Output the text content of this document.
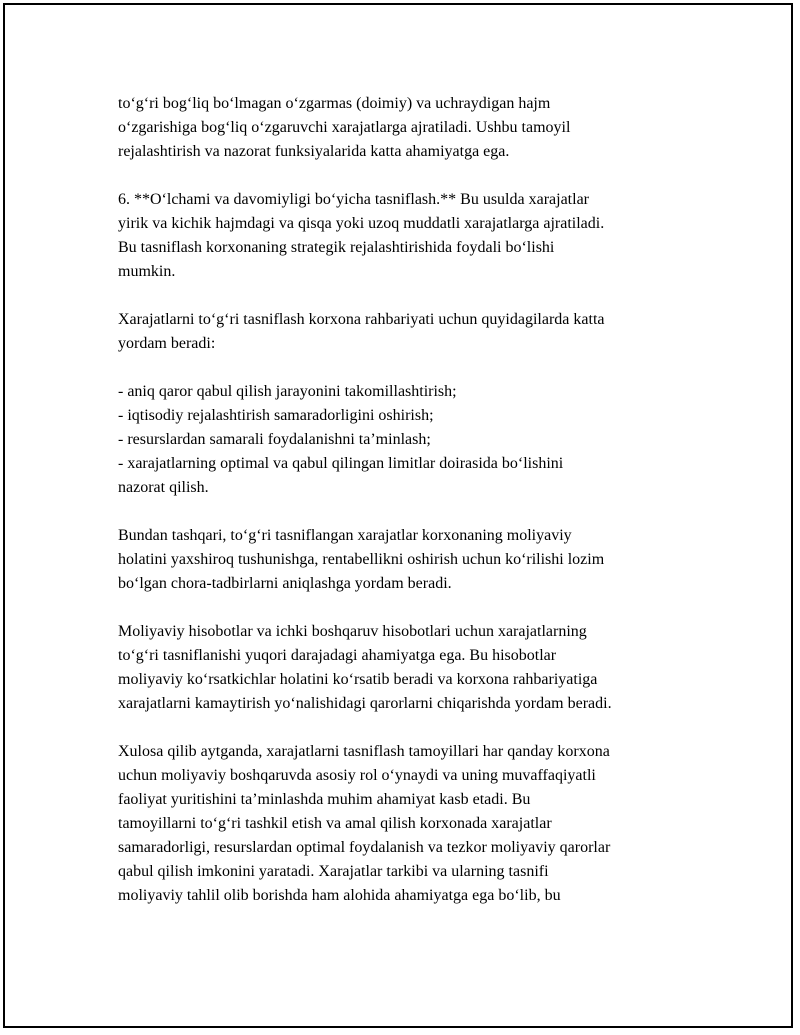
to‘g‘ri bog‘liq bo‘lmagan o‘zgarmas (doimiy) va uchraydigan hajm
o‘zgarishiga bog‘liq o‘zgaruvchi xarajatlarga ajratiladi. Ushbu tamoyil
rejalashtirish va nazorat funksiyalarida katta ahamiyatga ega.
6. **O‘lchami va davomiyligi bo‘yicha tasniflash.** Bu usulda xarajatlar
yirik va kichik hajmdagi va qisqa yoki uzoq muddatli xarajatlarga ajratiladi.
Bu tasniflash korxonaning strategik rejalashtirishida foydali bo‘lishi
mumkin.
Xarajatlarni to‘g‘ri tasniflash korxona rahbariyati uchun quyidagilarda katta
yordam beradi:
- aniq qaror qabul qilish jarayonini takomillashtirish;
- iqtisodiy rejalashtirish samaradorligini oshirish;
- resurslardan samarali foydalanishni ta’minlash;
- xarajatlarning optimal va qabul qilingan limitlar doirasida bo‘lishini
nazorat qilish.
Bundan tashqari, to‘g‘ri tasniflangan xarajatlar korxonaning moliyaviy
holatini yaxshiroq tushunishga, rentabellikni oshirish uchun ko‘rilishi lozim
bo‘lgan chora-tadbirlarni aniqlashga yordam beradi.
Moliyaviy hisobotlar va ichki boshqaruv hisobotlari uchun xarajatlarning
to‘g‘ri tasniflanishi yuqori darajadagi ahamiyatga ega. Bu hisobotlar
moliyaviy ko‘rsatkichlar holatini ko‘rsatib beradi va korxona rahbariyatiga
xarajatlarni kamaytirish yo‘nalishidagi qarorlarni chiqarishda yordam beradi.
Xulosa qilib aytganda, xarajatlarni tasniflash tamoyillari har qanday korxona
uchun moliyaviy boshqaruvda asosiy rol o‘ynaydi va uning muvaffaqiyatli
faoliyat yuritishini ta’minlashda muhim ahamiyat kasb etadi. Bu
tamoyillarni to‘g‘ri tashkil etish va amal qilish korxonada xarajatlar
samaradorligi, resurslardan optimal foydalanish va tezkor moliyaviy qarorlar
qabul qilish imkonini yaratadi. Xarajatlar tarkibi va ularning tasnifi
moliyaviy tahlil olib borishda ham alohida ahamiyatga ega bo‘lib, bu
